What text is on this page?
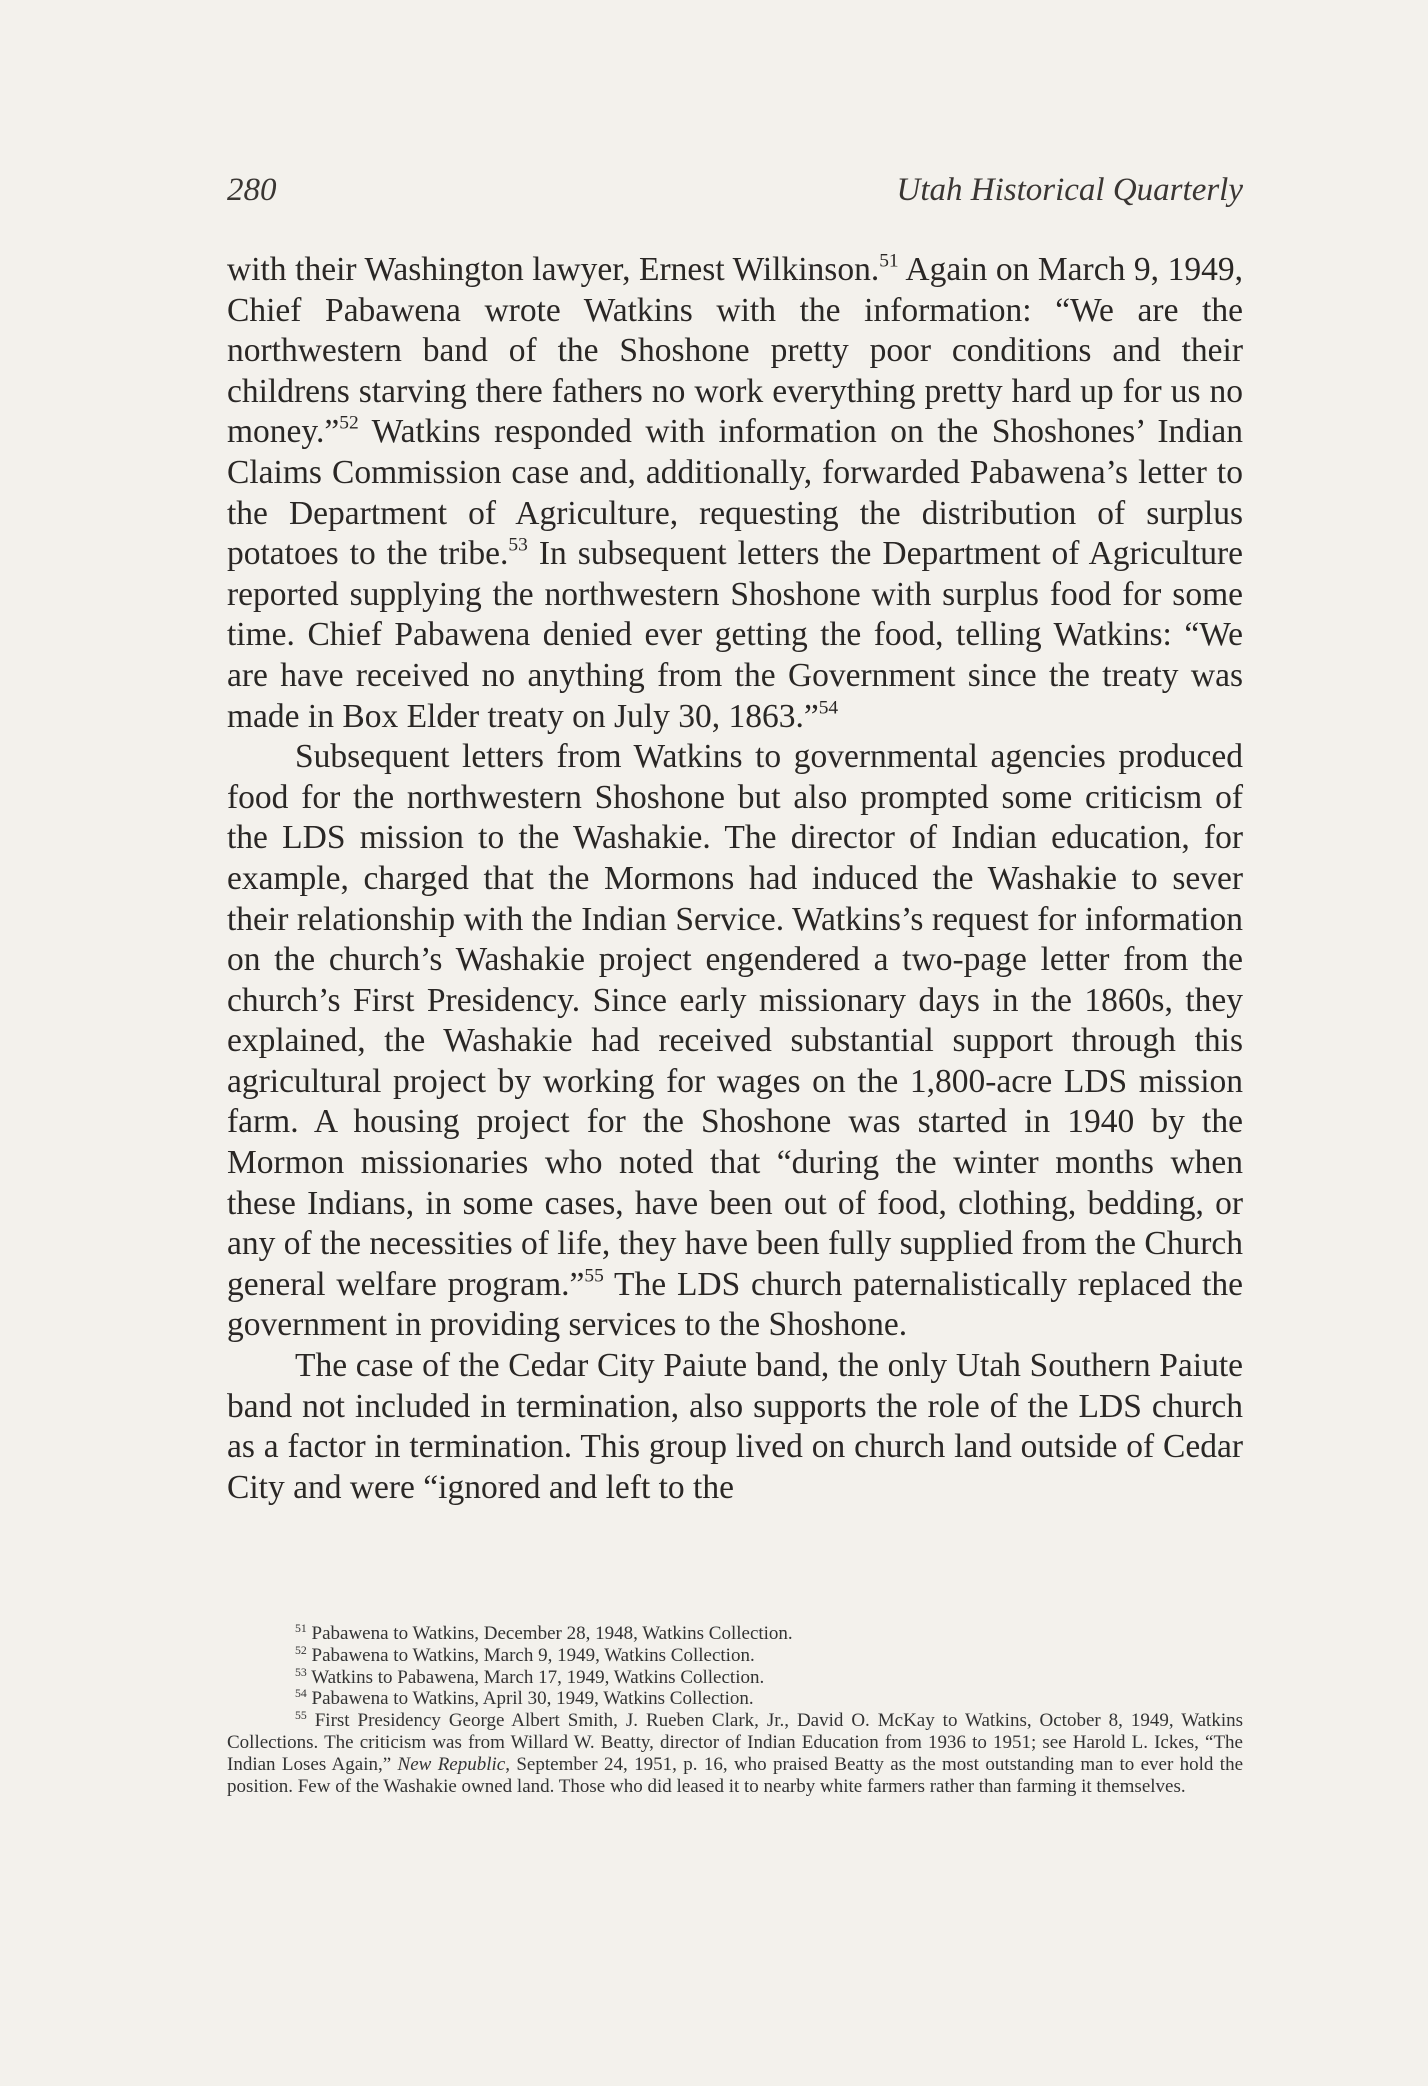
280	Utah Historical Quarterly

with their Washington lawyer, Ernest Wilkinson.$^{51}$ Again on March 9, 1949, Chief Pabawena wrote Watkins with the information: “We are the northwestern band of the Shoshone pretty poor conditions and their childrens starving there fathers no work everything pretty hard up for us no money.”$^{52}$ Watkins responded with information on the Shoshones’ Indian Claims Commission case and, additionally, forwarded Pabawena’s letter to the Department of Agriculture, requesting the distribution of surplus potatoes to the tribe.$^{53}$ In subsequent letters the Department of Agriculture reported supplying the northwestern Shoshone with surplus food for some time. Chief Pabawena denied ever getting the food, telling Watkins: “We are have received no anything from the Government since the treaty was made in Box Elder treaty on July 30, 1863.”$^{54}$

Subsequent letters from Watkins to governmental agencies produced food for the northwestern Shoshone but also prompted some criticism of the LDS mission to the Washakie. The director of Indian education, for example, charged that the Mormons had induced the Washakie to sever their relationship with the Indian Service. Watkins’s request for information on the church’s Washakie project engendered a two-page letter from the church’s First Presidency. Since early missionary days in the 1860s, they explained, the Washakie had received substantial support through this agricultural project by working for wages on the 1,800-acre LDS mission farm. A housing project for the Shoshone was started in 1940 by the Mormon missionaries who noted that “during the winter months when these Indians, in some cases, have been out of food, clothing, bedding, or any of the necessities of life, they have been fully supplied from the Church general welfare program.”$^{55}$ The LDS church paternalistically replaced the government in providing services to the Shoshone.

The case of the Cedar City Paiute band, the only Utah Southern Paiute band not included in termination, also supports the role of the LDS church as a factor in termination. This group lived on church land outside of Cedar City and were “ignored and left to the

$^{51}$ Pabawena to Watkins, December 28, 1948, Watkins Collection.

$^{52}$ Pabawena to Watkins, March 9, 1949, Watkins Collection.

$^{53}$ Watkins to Pabawena, March 17, 1949, Watkins Collection.

$^{54}$ Pabawena to Watkins, April 30, 1949, Watkins Collection.

$^{55}$ First Presidency George Albert Smith, J. Rueben Clark, Jr., David O. McKay to Watkins, October 8, 1949, Watkins Collections. The criticism was from Willard W. Beatty, director of Indian Education from 1936 to 1951; see Harold L. Ickes, “The Indian Loses Again,” New Republic, September 24, 1951, p. 16, who praised Beatty as the most outstanding man to ever hold the position. Few of the Washakie owned land. Those who did leased it to nearby white farmers rather than farming it themselves.
